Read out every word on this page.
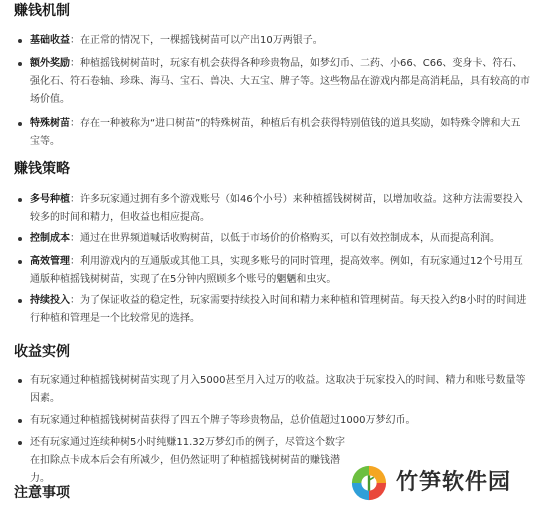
赚钱机制
基础收益：在正常的情况下，一棵摇钱树苗可以产出10万两银子。
额外奖励：种植摇钱树树苗时，玩家有机会获得各种珍贵物品，如梦幻币、二药、小66、C66、变身卡、符石、强化石、符石卷轴、珍珠、海马、宝石、兽决、大五宝、牌子等。这些物品在游戏内都是高消耗品，具有较高的市场价值。
特殊树苗：存在一种被称为“进口树苗”的特殊树苗，种植后有机会获得特别值钱的道具奖励，如特殊令牌和大五宝等。
赚钱策略
多号种植：许多玩家通过拥有多个游戏账号（如46个小号）来种植摇钱树树苗，以增加收益。这种方法需要投入较多的时间和精力，但收益也相应提高。
控制成本：通过在世界频道喊话收购树苗，以低于市场价的价格购买，可以有效控制成本，从而提高利润。
高效管理：利用游戏内的互通版或其他工具，实现多账号的同时管理，提高效率。例如，有玩家通过12个号用互通版种植摇钱树树苗，实现了在5分钟内照顾多个账号的魍魉和虫灾。
持续投入：为了保证收益的稳定性，玩家需要持续投入时间和精力来种植和管理树苗。每天投入约8小时的时间进行种植和管理是一个比较常见的选择。
收益实例
有玩家通过种植摇钱树树苗实现了月入5000甚至月入过万的收益。这取决于玩家投入的时间、精力和账号数量等因素。
有玩家通过种植摇钱树树苗获得了四五个牌子等珍贵物品，总价值超过1000万梦幻币。
还有玩家通过连续种树5小时纯赚11.32万梦幻币的例子，尽管这个数字在扣除点卡成本后会有所减少，但仍然证明了种植摇钱树树苗的赚钱潜力。
注意事项	竹笋软件园
